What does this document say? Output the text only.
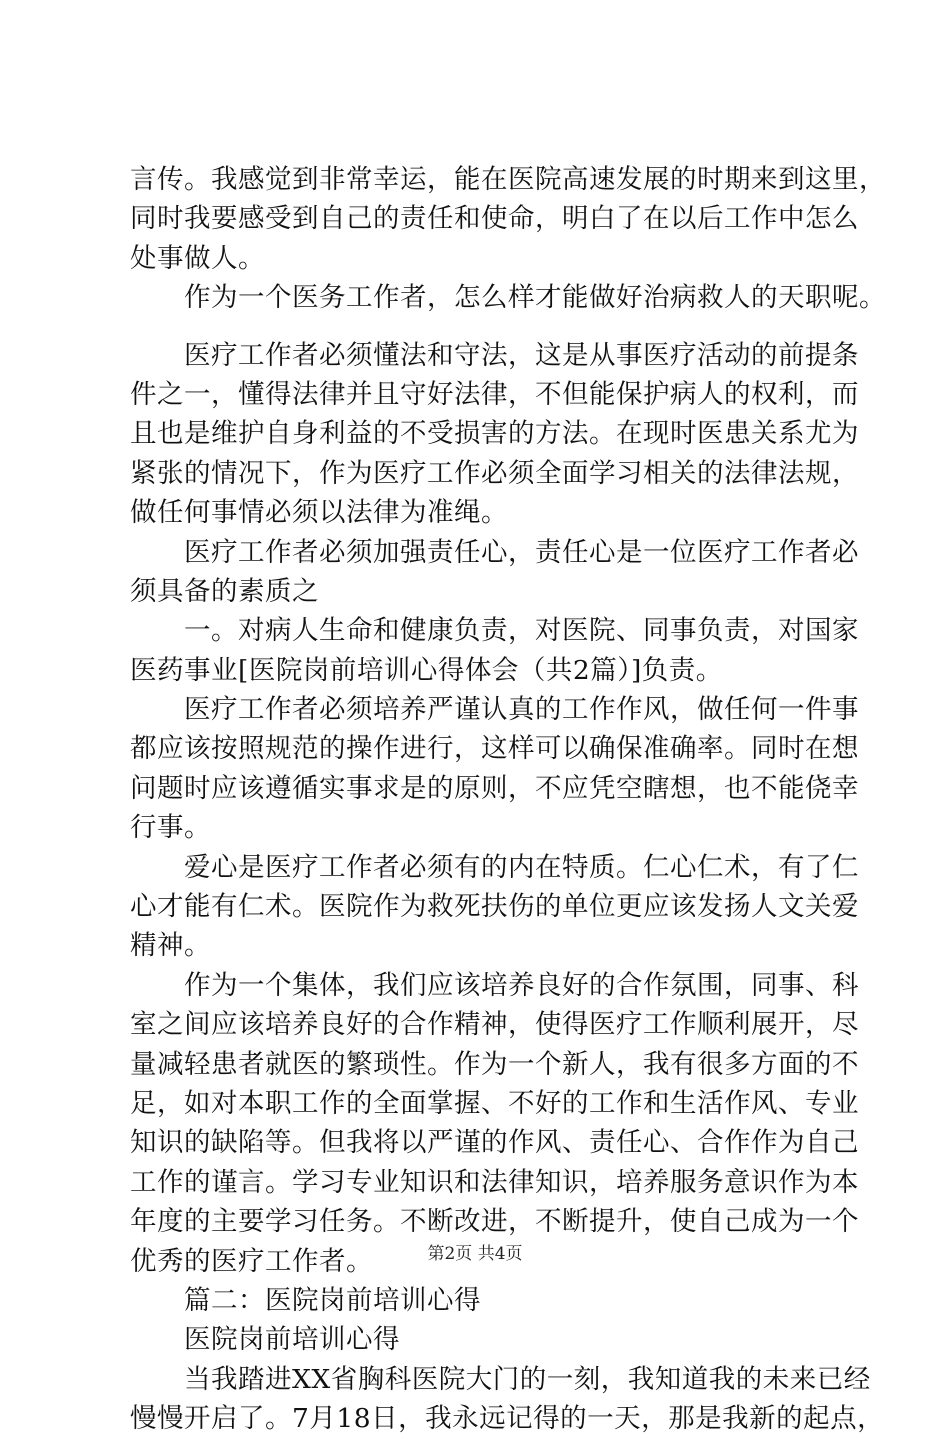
言传。我感觉到非常幸运，能在医院高速发展的时期来到这里，
同时我要感受到自己的责任和使命，明白了在以后工作中怎么
处事做人。
　　作为一个医务工作者，怎么样才能做好治病救人的天职呢。
　　医疗工作者必须懂法和守法，这是从事医疗活动的前提条
件之一，懂得法律并且守好法律，不但能保护病人的权利，而
且也是维护自身利益的不受损害的方法。在现时医患关系尤为
紧张的情况下，作为医疗工作必须全面学习相关的法律法规，
做任何事情必须以法律为准绳。
　　医疗工作者必须加强责任心，责任心是一位医疗工作者必
须具备的素质之
　　一。对病人生命和健康负责，对医院、同事负责，对国家
医药事业[医院岗前培训心得体会（共2篇）]负责。
　　医疗工作者必须培养严谨认真的工作作风，做任何一件事
都应该按照规范的操作进行，这样可以确保准确率。同时在想
问题时应该遵循实事求是的原则，不应凭空瞎想，也不能侥幸
行事。
　　爱心是医疗工作者必须有的内在特质。仁心仁术，有了仁
心才能有仁术。医院作为救死扶伤的单位更应该发扬人文关爱
精神。
　　作为一个集体，我们应该培养良好的合作氛围，同事、科
室之间应该培养良好的合作精神，使得医疗工作顺利展开，尽
量减轻患者就医的繁琐性。作为一个新人，我有很多方面的不
足，如对本职工作的全面掌握、不好的工作和生活作风、专业
知识的缺陷等。但我将以严谨的作风、责任心、合作作为自己
工作的谨言。学习专业知识和法律知识，培养服务意识作为本
年度的主要学习任务。不断改进，不断提升，使自己成为一个
优秀的医疗工作者。
　　篇二：医院岗前培训心得
　　医院岗前培训心得
　　当我踏进XX省胸科医院大门的一刻，我知道我的未来已经
慢慢开启了。7月18日，我永远记得的一天，那是我新的起点，
第2页 共4页
